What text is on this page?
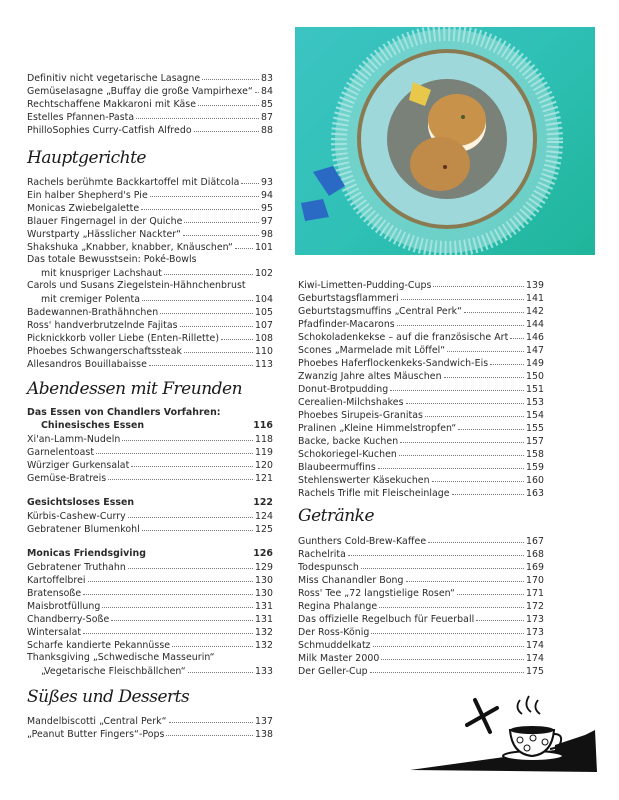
Definitiv nicht vegetarische Lasagne	83
Gemüselasagne „Buffay die große Vampirhexe“ 84
Rechtschaffene Makkaroni mit Käse	85
Estelles Pfannen-Pasta	87
PhilloSophies Curry-Catfish Alfredo	88
Hauptgerichte
Rachels berühmte Backkartoffel mit Diätcola 93
Ein halber Shepherd's Pie	94
Monicas Zwiebelgalette	95
Blauer Fingernagel in der Quiche	97
Wurstparty „Hässlicher Nackter“	98
Shakshuka „Knabber, knabber, Knäuschen“ 101
Das totale Bewusstsein: Poké-Bowls
mit knuspriger Lachshaut	102
Carols und Susans Ziegelstein-Hähnchenbrust
mit cremiger Polenta	104
Badewannen-Brathähnchen	105
Ross' handverbrutzelnde Fajitas	107
Picknickkorb voller Liebe (Enten-Rillette)	108
Phoebes Schwangerschaftssteak	110
Allesandros Bouillabaisse	113
Abendessen mit Freunden
Das Essen von Chandlers Vorfahren:
Chinesisches Essen	116
Xi'an-Lamm-Nudeln	118
Garnelentoast	119
Würziger Gurkensalat	120
Gemüse-Bratreis	121
Gesichtsloses Essen	122
Kürbis-Cashew-Curry	124
Gebratener Blumenkohl	125
Monicas Friendsgiving	126
Gebratener Truthahn	129
Kartoffelbrei	130
Bratensoße	130
Maisbrotfüllung	131
Chandberry-Soße	131
Wintersalat	132
Scharfe kandierte Pekannüsse	132
Thanksgiving „Schwedische Masseurin“
„Vegetarische Fleischbällchen“	133
Süßes und Desserts
Mandelbiscotti „Central Perk“	137
„Peanut Butter Fingers“-Pops	138
Kiwi-Limetten-Pudding-Cups	139
Geburtstagsflammeri	141
Geburtstagsmuffins „Central Perk“	142
Pfadfinder-Macarons	144
Schokoladenkekse – auf die französische Art 146
Scones „Marmelade mit Löffel“	147
Phoebes Haferflockenkeks-Sandwich-Eis	149
Zwanzig Jahre altes Mäuschen	150
Donut-Brotpudding	151
Cerealien-Milchshakes	153
Phoebes Sirupeis-Granitas	154
Pralinen „Kleine Himmelstropfen“	155
Backe, backe Kuchen	157
Schokoriegel-Kuchen	158
Blaubeermuffins	159
Stehlenswerter Käsekuchen	160
Rachels Trifle mit Fleischeinlage	163
Getränke
Gunthers Cold-Brew-Kaffee	167
Rachelrita	168
Todespunsch	169
Miss Chanandler Bong	170
Ross' Tee „72 langstielige Rosen“	171
Regina Phalange	172
Das offizielle Regelbuch für Feuerball	173
Der Ross-König	173
Schmuddelkatz	174
Milk Master 2000	174
Der Geller-Cup	175
